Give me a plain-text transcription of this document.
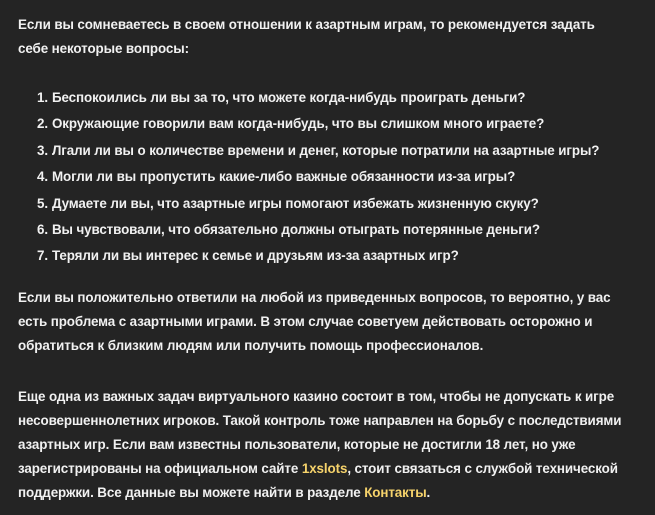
Если вы сомневаетесь в своем отношении к азартным играм, то рекомендуется задать себе некоторые вопросы:

1. Беспокоились ли вы за то, что можете когда-нибудь проиграть деньги?
2. Окружающие говорили вам когда-нибудь, что вы слишком много играете?
3. Лгали ли вы о количестве времени и денег, которые потратили на азартные игры?
4. Могли ли вы пропустить какие-либо важные обязанности из-за игры?
5. Думаете ли вы, что азартные игры помогают избежать жизненную скуку?
6. Вы чувствовали, что обязательно должны отыграть потерянные деньги?
7. Теряли ли вы интерес к семье и друзьям из-за азартных игр?

Если вы положительно ответили на любой из приведенных вопросов, то вероятно, у вас есть проблема с азартными играми. В этом случае советуем действовать осторожно и обратиться к близким людям или получить помощь профессионалов.

Еще одна из важных задач виртуального казино состоит в том, чтобы не допускать к игре несовершеннолетних игроков. Такой контроль тоже направлен на борьбу с последствиями азартных игр. Если вам известны пользователи, которые не достигли 18 лет, но уже зарегистрированы на официальном сайте 1xslots, стоит связаться с службой технической поддержки. Все данные вы можете найти в разделе Контакты.
